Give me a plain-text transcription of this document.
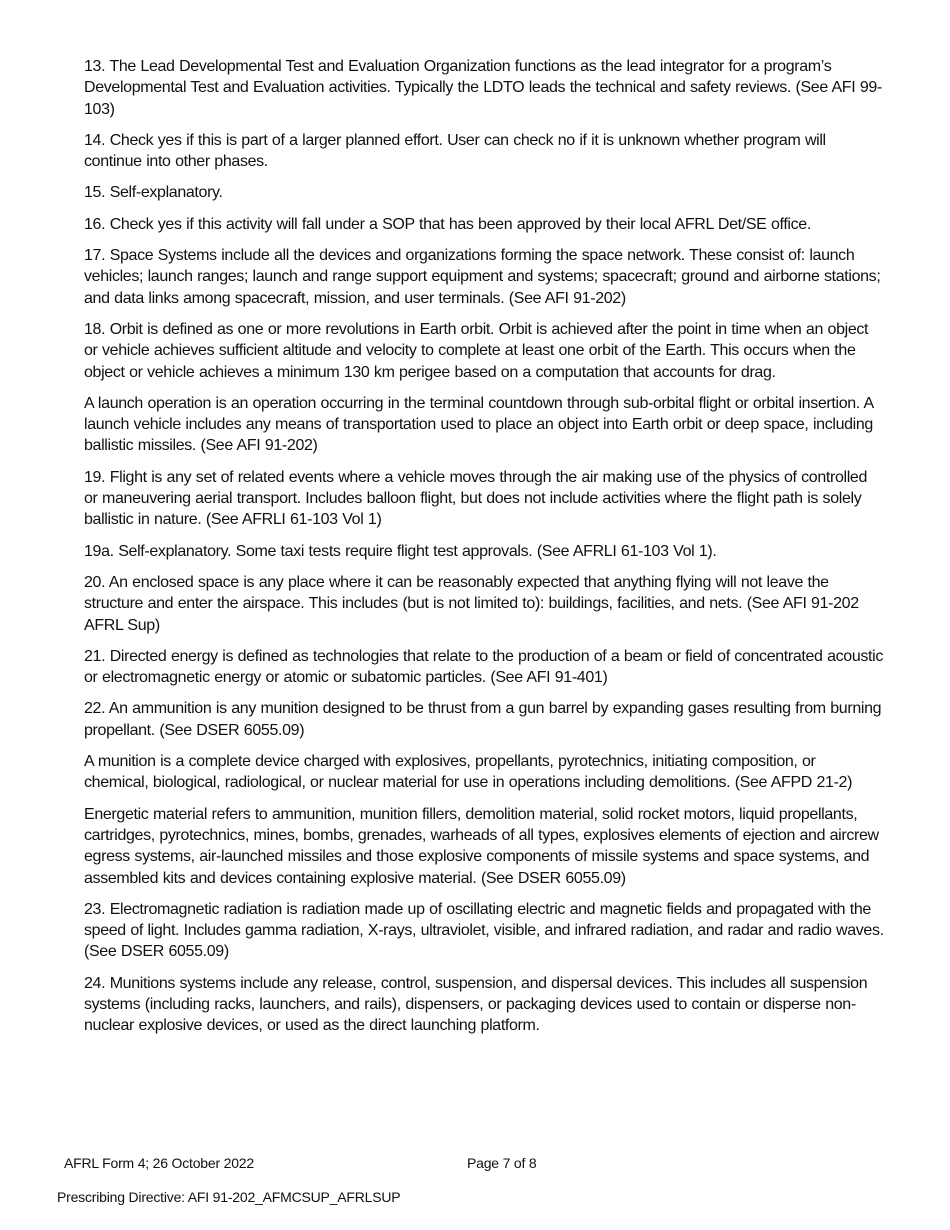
13. The Lead Developmental Test and Evaluation Organization functions as the lead integrator for a program’s Developmental Test and Evaluation activities. Typically the LDTO leads the technical and safety reviews. (See AFI 99-103)

14. Check yes if this is part of a larger planned effort. User can check no if it is unknown whether program will continue into other phases.

15. Self-explanatory.

16. Check yes if this activity will fall under a SOP that has been approved by their local AFRL Det/SE office.

17. Space Systems include all the devices and organizations forming the space network. These consist of: launch vehicles; launch ranges; launch and range support equipment and systems; spacecraft; ground and airborne stations; and data links among spacecraft, mission, and user terminals. (See AFI 91-202)

18. Orbit is defined as one or more revolutions in Earth orbit. Orbit is achieved after the point in time when an object or vehicle achieves sufficient altitude and velocity to complete at least one orbit of the Earth. This occurs when the object or vehicle achieves a minimum 130 km perigee based on a computation that accounts for drag.

A launch operation is an operation occurring in the terminal countdown through sub-orbital flight or orbital insertion. A launch vehicle includes any means of transportation used to place an object into Earth orbit or deep space, including ballistic missiles. (See AFI 91-202)

19. Flight is any set of related events where a vehicle moves through the air making use of the physics of controlled or maneuvering aerial transport. Includes balloon flight, but does not include activities where the flight path is solely ballistic in nature. (See AFRLI 61-103 Vol 1)

19a. Self-explanatory. Some taxi tests require flight test approvals. (See AFRLI 61-103 Vol 1).

20. An enclosed space is any place where it can be reasonably expected that anything flying will not leave the structure and enter the airspace. This includes (but is not limited to): buildings, facilities, and nets. (See AFI 91-202 AFRL Sup)

21. Directed energy is defined as technologies that relate to the production of a beam or field of concentrated acoustic or electromagnetic energy or atomic or subatomic particles. (See AFI 91-401)

22. An ammunition is any munition designed to be thrust from a gun barrel by expanding gases resulting from burning propellant. (See DSER 6055.09)

A munition is a complete device charged with explosives, propellants, pyrotechnics, initiating composition, or chemical, biological, radiological, or nuclear material for use in operations including demolitions. (See AFPD 21-2)

Energetic material refers to ammunition, munition fillers, demolition material, solid rocket motors, liquid propellants, cartridges, pyrotechnics, mines, bombs, grenades, warheads of all types, explosives elements of ejection and aircrew egress systems, air-launched missiles and those explosive components of missile systems and space systems, and assembled kits and devices containing explosive material. (See DSER 6055.09)

23. Electromagnetic radiation is radiation made up of oscillating electric and magnetic fields and propagated with the speed of light. Includes gamma radiation, X-rays, ultraviolet, visible, and infrared radiation, and radar and radio waves. (See DSER 6055.09)

24. Munitions systems include any release, control, suspension, and dispersal devices. This includes all suspension systems (including racks, launchers, and rails), dispensers, or packaging devices used to contain or disperse non-nuclear explosive devices, or used as the direct launching platform.

AFRL Form 4; 26 October 2022	Page 7 of 8
Prescribing Directive: AFI 91-202_AFMCSUP_AFRLSUP
